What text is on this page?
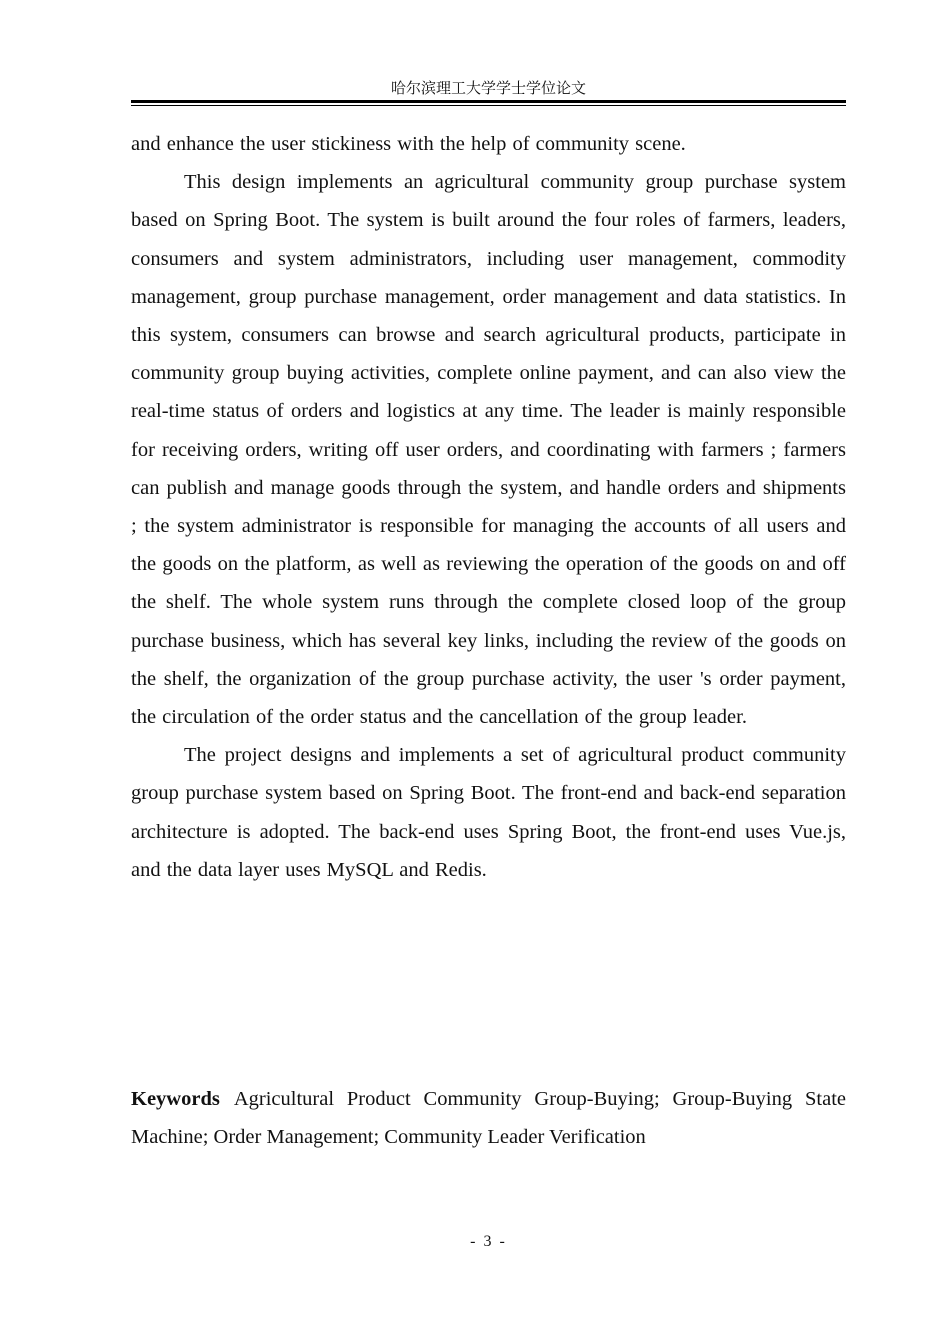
哈尔滨理工大学学士学位论文

and enhance the user stickiness with the help of community scene.

This design implements an agricultural community group purchase system based on Spring Boot. The system is built around the four roles of farmers, leaders, consumers and system administrators, including user management, commodity management, group purchase management, order management and data statistics. In this system, consumers can browse and search agricultural products, participate in community group buying activities, complete online payment, and can also view the real-time status of orders and logistics at any time. The leader is mainly responsible for receiving orders, writing off user orders, and coordinating with farmers ; farmers can publish and manage goods through the system, and handle orders and shipments ; the system administrator is responsible for managing the accounts of all users and the goods on the platform, as well as reviewing the operation of the goods on and off the shelf. The whole system runs through the complete closed loop of the group purchase business, which has several key links, including the review of the goods on the shelf, the organization of the group purchase activity, the user 's order payment, the circulation of the order status and the cancellation of the group leader.

The project designs and implements a set of agricultural product community group purchase system based on Spring Boot. The front-end and back-end separation architecture is adopted. The back-end uses Spring Boot, the front-end uses Vue.js, and the data layer uses MySQL and Redis.

Keywords Agricultural Product Community Group-Buying; Group-Buying State Machine; Order Management; Community Leader Verification
- 3 -
